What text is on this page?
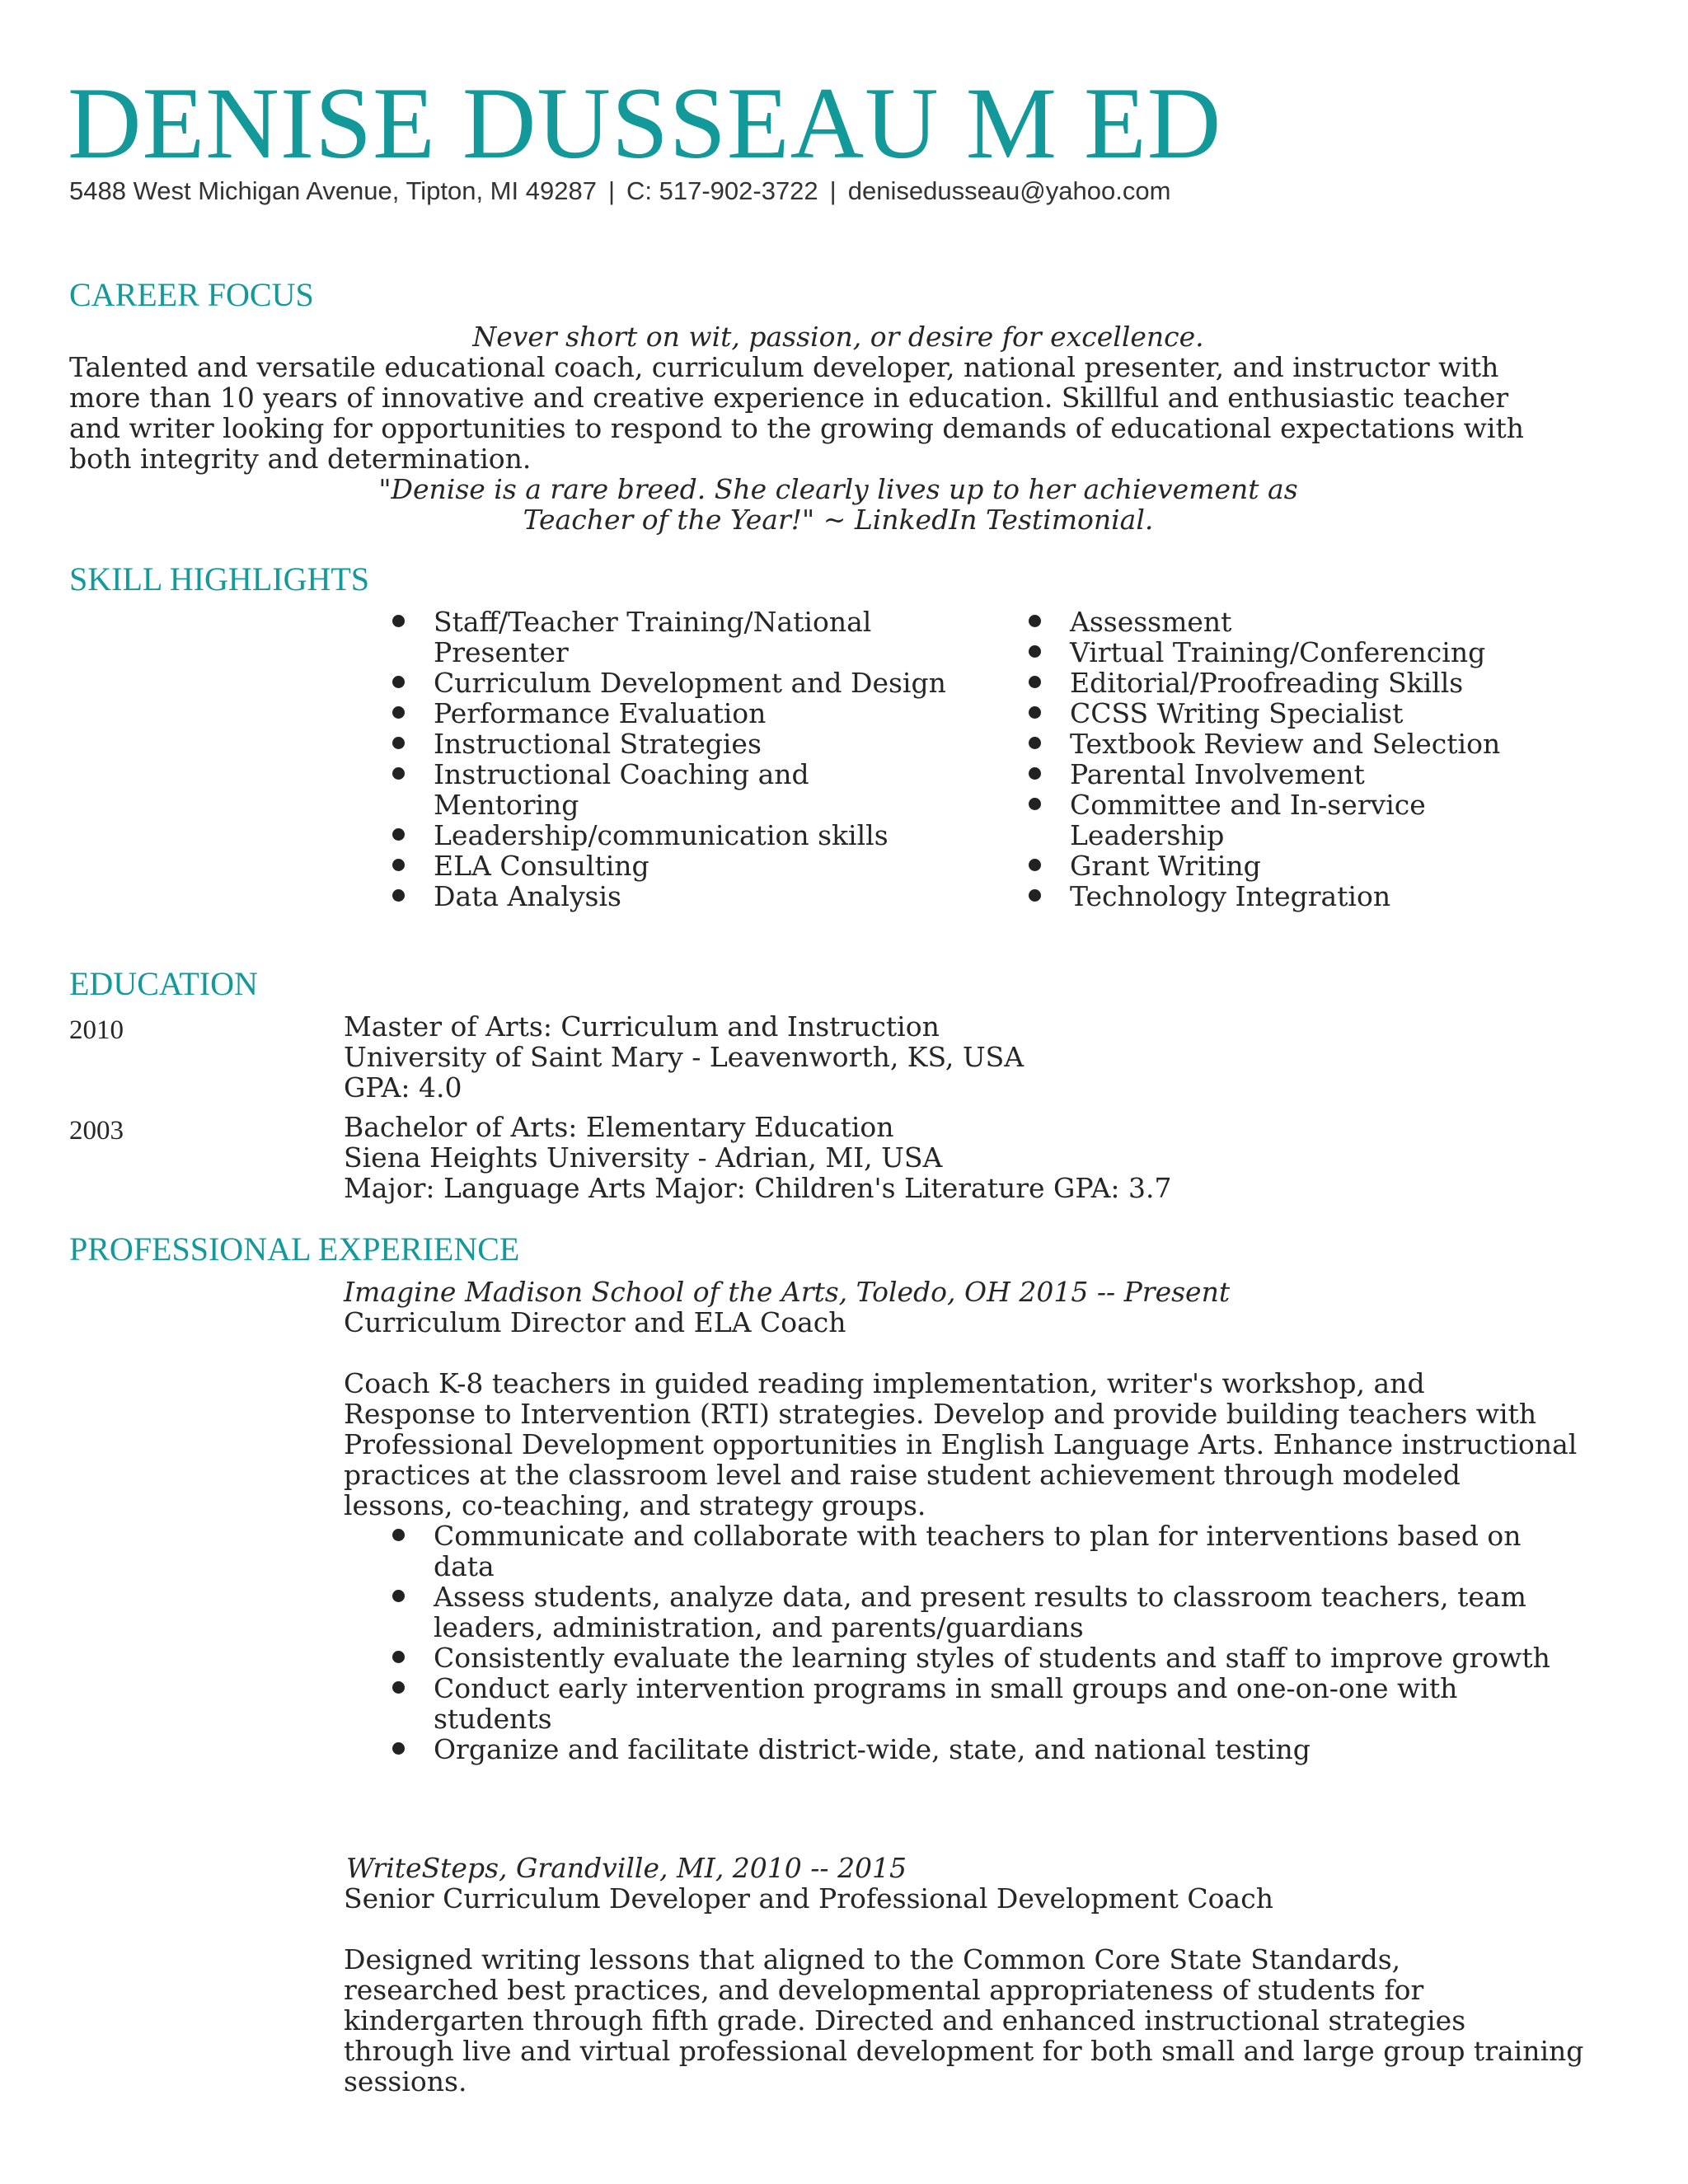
DENISE DUSSEAU M ED
5488 West Michigan Avenue, Tipton, MI 49287 | C: 517-902-3722 | denisedusseau@yahoo.com
CAREER FOCUS
Never short on wit, passion, or desire for excellence.
Talented and versatile educational coach, curriculum developer, national presenter, and instructor with
more than 10 years of innovative and creative experience in education. Skillful and enthusiastic teacher
and writer looking for opportunities to respond to the growing demands of educational expectations with
both integrity and determination.
"Denise is a rare breed. She clearly lives up to her achievement as
Teacher of the Year!" ~ LinkedIn Testimonial.
SKILL HIGHLIGHTS
Staff/Teacher Training/National Presenter
Curriculum Development and Design
Performance Evaluation
Instructional Strategies
Instructional Coaching and Mentoring
Leadership/communication skills
ELA Consulting
Data Analysis
Assessment
Virtual Training/Conferencing
Editorial/Proofreading Skills
CCSS Writing Specialist
Textbook Review and Selection
Parental Involvement
Committee and In-service Leadership
Grant Writing
Technology Integration
EDUCATION
2010	Master of Arts: Curriculum and Instruction
University of Saint Mary - Leavenworth, KS, USA
GPA: 4.0
2003	Bachelor of Arts: Elementary Education
Siena Heights University - Adrian, MI, USA
Major: Language Arts Major: Children's Literature GPA: 3.7
PROFESSIONAL EXPERIENCE
Imagine Madison School of the Arts, Toledo, OH 2015 -- Present
Curriculum Director and ELA Coach
Coach K-8 teachers in guided reading implementation, writer's workshop, and
Response to Intervention (RTI) strategies. Develop and provide building teachers with
Professional Development opportunities in English Language Arts. Enhance instructional
practices at the classroom level and raise student achievement through modeled
lessons, co-teaching, and strategy groups.
Communicate and collaborate with teachers to plan for interventions based on data
Assess students, analyze data, and present results to classroom teachers, team leaders, administration, and parents/guardians
Consistently evaluate the learning styles of students and staff to improve growth
Conduct early intervention programs in small groups and one-on-one with students
Organize and facilitate district-wide, state, and national testing
WriteSteps, Grandville, MI, 2010 -- 2015
Senior Curriculum Developer and Professional Development Coach
Designed writing lessons that aligned to the Common Core State Standards,
researched best practices, and developmental appropriateness of students for
kindergarten through fifth grade. Directed and enhanced instructional strategies
through live and virtual professional development for both small and large group training
sessions.
